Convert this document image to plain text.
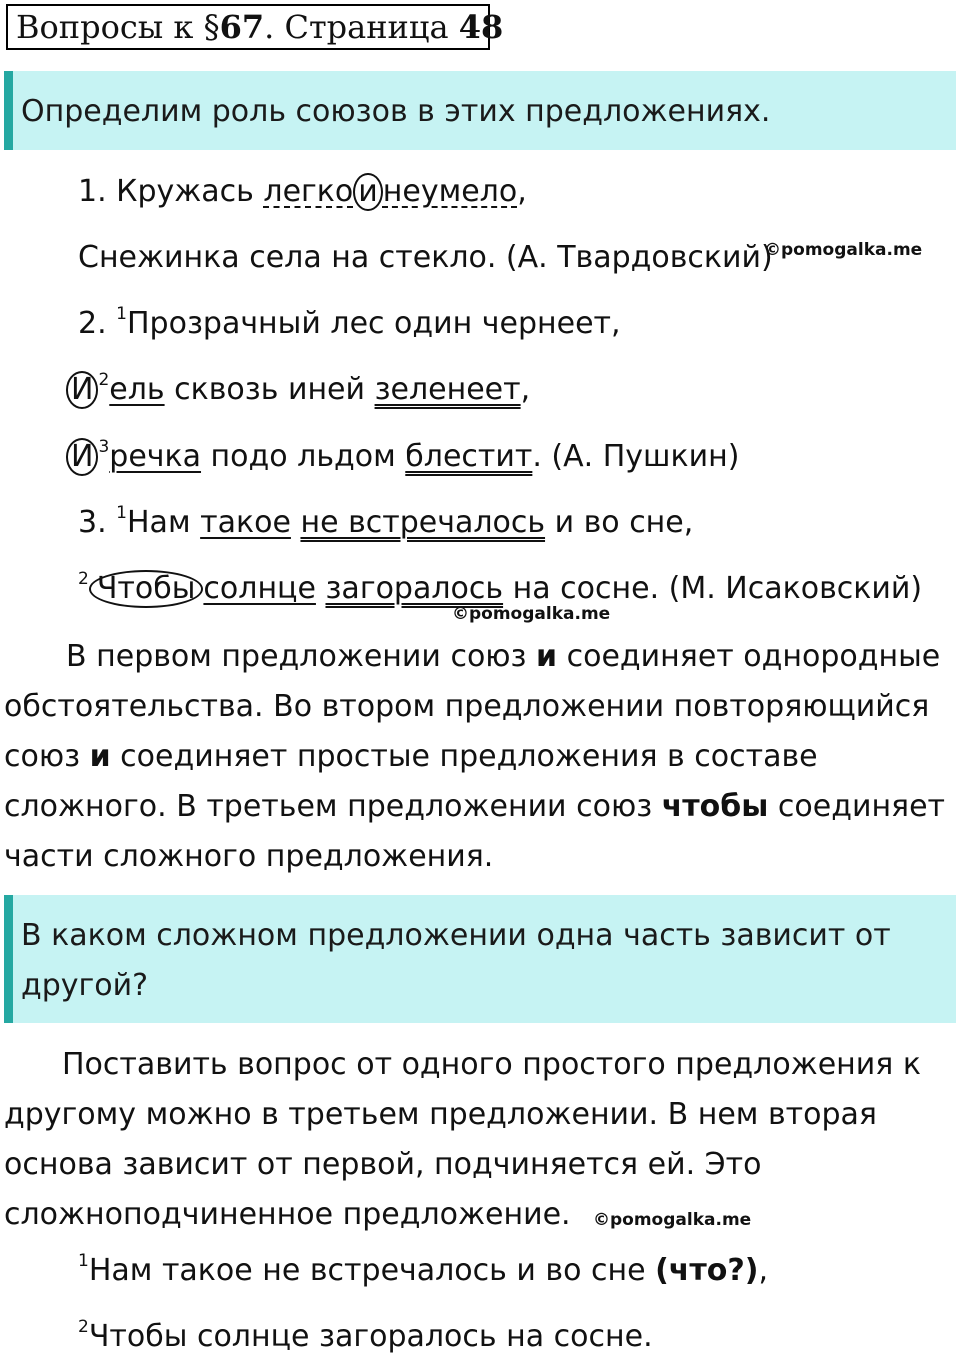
Вопросы к §67. Страница 48
Определим роль союзов в этих предложениях.
1. Кружась легко и неумело,
Снежинка села на стекло. (А. Твардовский)
©pomogalka.me
2. $^1$Прозрачный лес один чернеет,
И $^2$ель сквозь иней зеленеет,
И $^3$речка подо льдом блестит. (А. Пушкин)
3. $^1$Нам такое не встречалось и во сне,
$^2$ Чтобы солнце загоралось на сосне. (М. Исаковский)
©pomogalka.me
В первом предложении союз и соединяет однородные обстоятельства. Во втором предложении повторяющийся союз и соединяет простые предложения в составе сложного. В третьем предложении союз чтобы соединяет части сложного предложения.
В каком сложном предложении одна часть зависит от другой?
Поставить вопрос от одного простого предложения к другому можно в третьем предложении. В нем вторая основа зависит от первой, подчиняется ей. Это сложноподчиненное предложение.	©pomogalka.me
$^1$Нам такое не встречалось и во сне (что?),
$^2$Чтобы солнце загоралось на сосне.
